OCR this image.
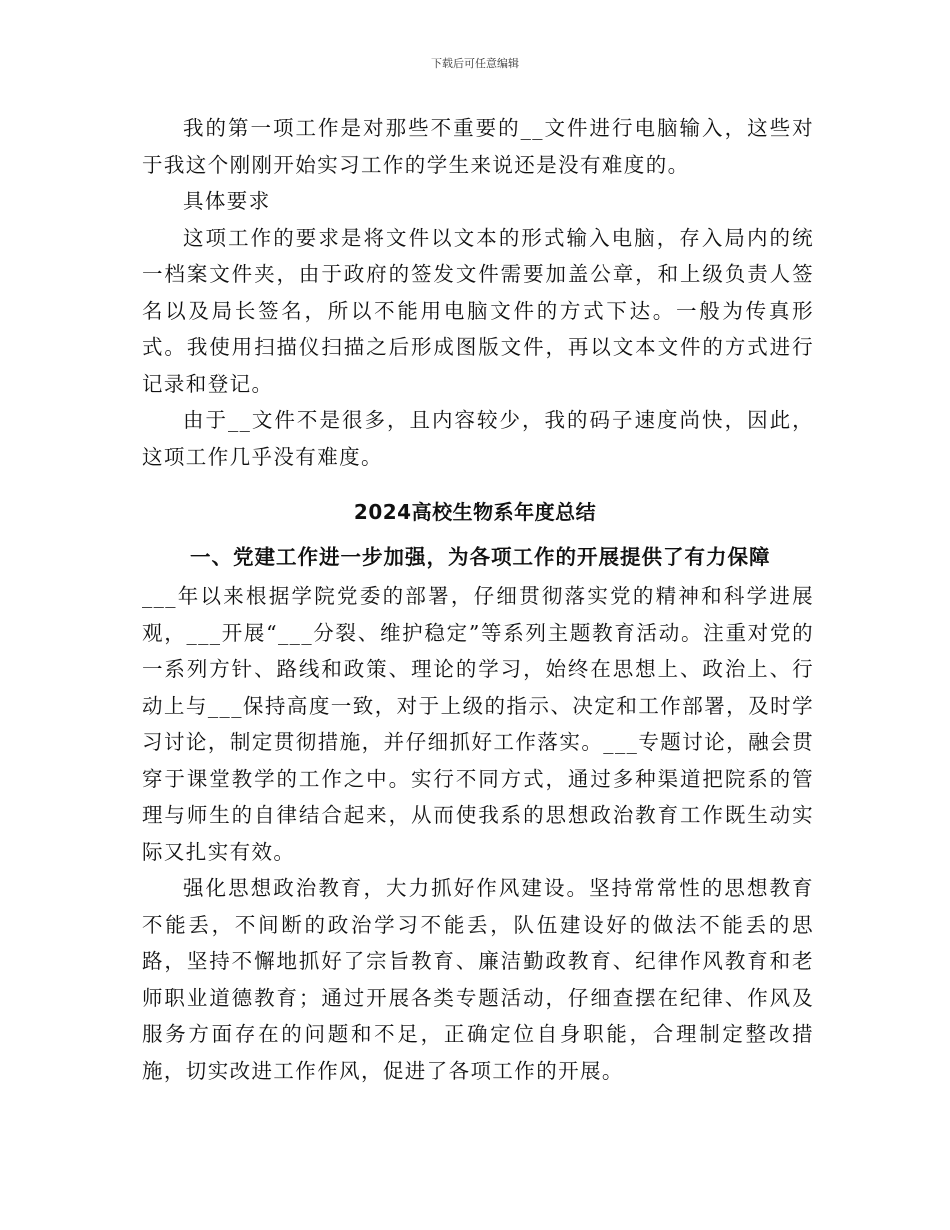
下载后可任意编辑

我的第一项工作是对那些不重要的__文件进行电脑输入，这些对于我这个刚刚开始实习工作的学生来说还是没有难度的。

具体要求

这项工作的要求是将文件以文本的形式输入电脑，存入局内的统一档案文件夹，由于政府的签发文件需要加盖公章，和上级负责人签名以及局长签名，所以不能用电脑文件的方式下达。一般为传真形式。我使用扫描仪扫描之后形成图版文件，再以文本文件的方式进行记录和登记。

由于__文件不是很多，且内容较少，我的码子速度尚快，因此，这项工作几乎没有难度。

2024高校生物系年度总结
一、党建工作进一步加强，为各项工作的开展提供了有力保障

___年以来根据学院党委的部署，仔细贯彻落实党的精神和科学进展观，___开展“___分裂、维护稳定”等系列主题教育活动。注重对党的一系列方针、路线和政策、理论的学习，始终在思想上、政治上、行动上与___保持高度一致，对于上级的指示、决定和工作部署，及时学习讨论，制定贯彻措施，并仔细抓好工作落实。___专题讨论，融会贯穿于课堂教学的工作之中。实行不同方式，通过多种渠道把院系的管理与师生的自律结合起来，从而使我系的思想政治教育工作既生动实际又扎实有效。

强化思想政治教育，大力抓好作风建设。坚持常常性的思想教育不能丢，不间断的政治学习不能丢，队伍建设好的做法不能丢的思路，坚持不懈地抓好了宗旨教育、廉洁勤政教育、纪律作风教育和老师职业道德教育；通过开展各类专题活动，仔细查摆在纪律、作风及服务方面存在的问题和不足，正确定位自身职能，合理制定整改措施，切实改进工作作风，促进了各项工作的开展。
